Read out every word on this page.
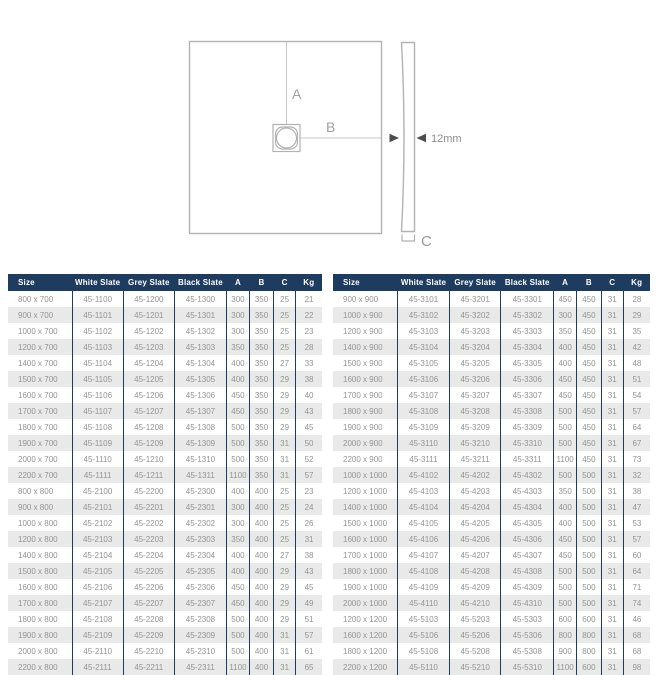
A
B
12mm
C
Size	White Slate	Grey Slate	Black Slate	A	B	C	Kg
800 x 700	45-1100	45-1200	45-1300	300	350	25	21
900 x 700	45-1101	45-1201	45-1301	300	350	25	22
1000 x 700	45-1102	45-1202	45-1302	300	350	25	23
1200 x 700	45-1103	45-1203	45-1303	350	350	25	28
1400 x 700	45-1104	45-1204	45-1304	400	350	27	33
1500 x 700	45-1105	45-1205	45-1305	400	350	29	38
1600 x 700	45-1106	45-1206	45-1306	450	350	29	40
1700 x 700	45-1107	45-1207	45-1307	450	350	29	43
1800 x 700	45-1108	45-1208	45-1308	500	350	29	45
1900 x 700	45-1109	45-1209	45-1309	500	350	31	50
2000 x 700	45-1110	45-1210	45-1310	500	350	31	52
2200 x 700	45-1111	45-1211	45-1311	1100	350	31	57
800 x 800	45-2100	45-2200	45-2300	400	400	25	23
900 x 800	45-2101	45-2201	45-2301	300	400	25	24
1000 x 800	45-2102	45-2202	45-2302	300	400	25	26
1200 x 800	45-2103	45-2203	45-2303	350	400	25	31
1400 x 800	45-2104	45-2204	45-2304	400	400	27	38
1500 x 800	45-2105	45-2205	45-2305	400	400	29	43
1600 x 800	45-2106	45-2206	45-2306	450	400	29	45
1700 x 800	45-2107	45-2207	45-2307	450	400	29	49
1800 x 800	45-2108	45-2208	45-2308	500	400	29	51
1900 x 800	45-2109	45-2209	45-2309	500	400	31	57
2000 x 800	45-2110	45-2210	45-2310	500	400	31	61
2200 x 800	45-2111	45-2211	45-2311	1100	400	31	65
Size	White Slate	Grey Slate	Black Slate	A	B	C	Kg
900 x 900	45-3101	45-3201	45-3301	450	450	31	28
1000 x 900	45-3102	45-3202	45-3302	300	450	31	29
1200 x 900	45-3103	45-3203	45-3303	350	450	31	35
1400 x 900	45-3104	45-3204	45-3304	400	450	31	42
1500 x 900	45-3105	45-3205	45-3305	400	450	31	48
1600 x 900	45-3106	45-3206	45-3306	450	450	31	51
1700 x 900	45-3107	45-3207	45-3307	450	450	31	54
1800 x 900	45-3108	45-3208	45-3308	500	450	31	57
1900 x 900	45-3109	45-3209	45-3309	500	450	31	64
2000 x 900	45-3110	45-3210	45-3310	500	450	31	67
2200 x 900	45-3111	45-3211	45-3311	1100	450	31	73
1000 x 1000	45-4102	45-4202	45-4302	500	500	31	32
1200 x 1000	45-4103	45-4203	45-4303	350	500	31	38
1400 x 1000	45-4104	45-4204	45-4304	400	500	31	47
1500 x 1000	45-4105	45-4205	45-4305	400	500	31	53
1600 x 1000	45-4106	45-4206	45-4306	450	500	31	57
1700 x 1000	45-4107	45-4207	45-4307	450	500	31	60
1800 x 1000	45-4108	45-4208	45-4308	500	500	31	64
1900 x 1000	45-4109	45-4209	45-4309	500	500	31	71
2000 x 1000	45-4110	45-4210	45-4310	500	500	31	74
1200 x 1200	45-5103	45-5203	45-5303	600	600	31	46
1600 x 1200	45-5106	45-5206	45-5306	800	800	31	68
1800 x 1200	45-5108	45-5208	45-5308	900	800	31	68
2200 x 1200	45-5110	45-5210	45-5310	1100	600	31	98
